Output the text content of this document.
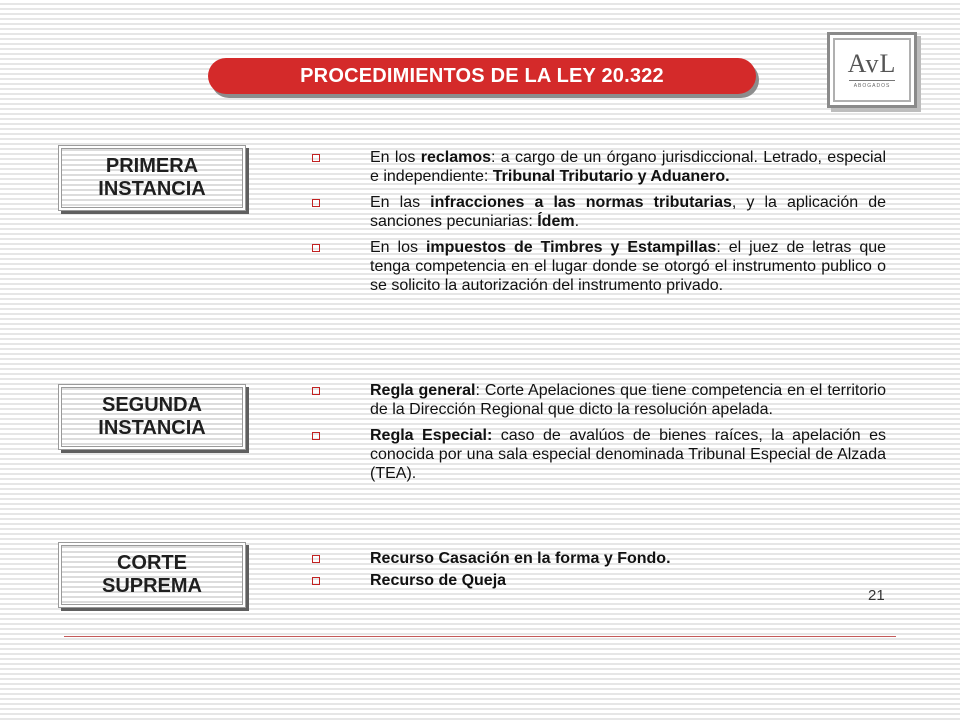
PROCEDIMIENTOS DE LA LEY 20.322	AvL
ABOGADOS
PRIMERA
INSTANCIA
SEGUNDA
INSTANCIA
CORTE
SUPREMA
En los reclamos: a cargo de un órgano jurisdiccional. Letrado, especial e independiente: Tribunal Tributario y Aduanero.
En las infracciones a las normas tributarias, y la aplicación de sanciones pecuniarias: Ídem.
En los impuestos de Timbres y Estampillas: el juez de letras que tenga competencia en el lugar donde se otorgó el instrumento publico o se solicito la autorización del instrumento privado.
Regla general: Corte Apelaciones que tiene competencia en el territorio de la Dirección Regional que dicto la resolución apelada.
Regla Especial: caso de avalúos de bienes raíces, la apelación es conocida por una sala especial denominada Tribunal Especial de Alzada (TEA).
Recurso Casación en la forma y Fondo.
Recurso de Queja
21
